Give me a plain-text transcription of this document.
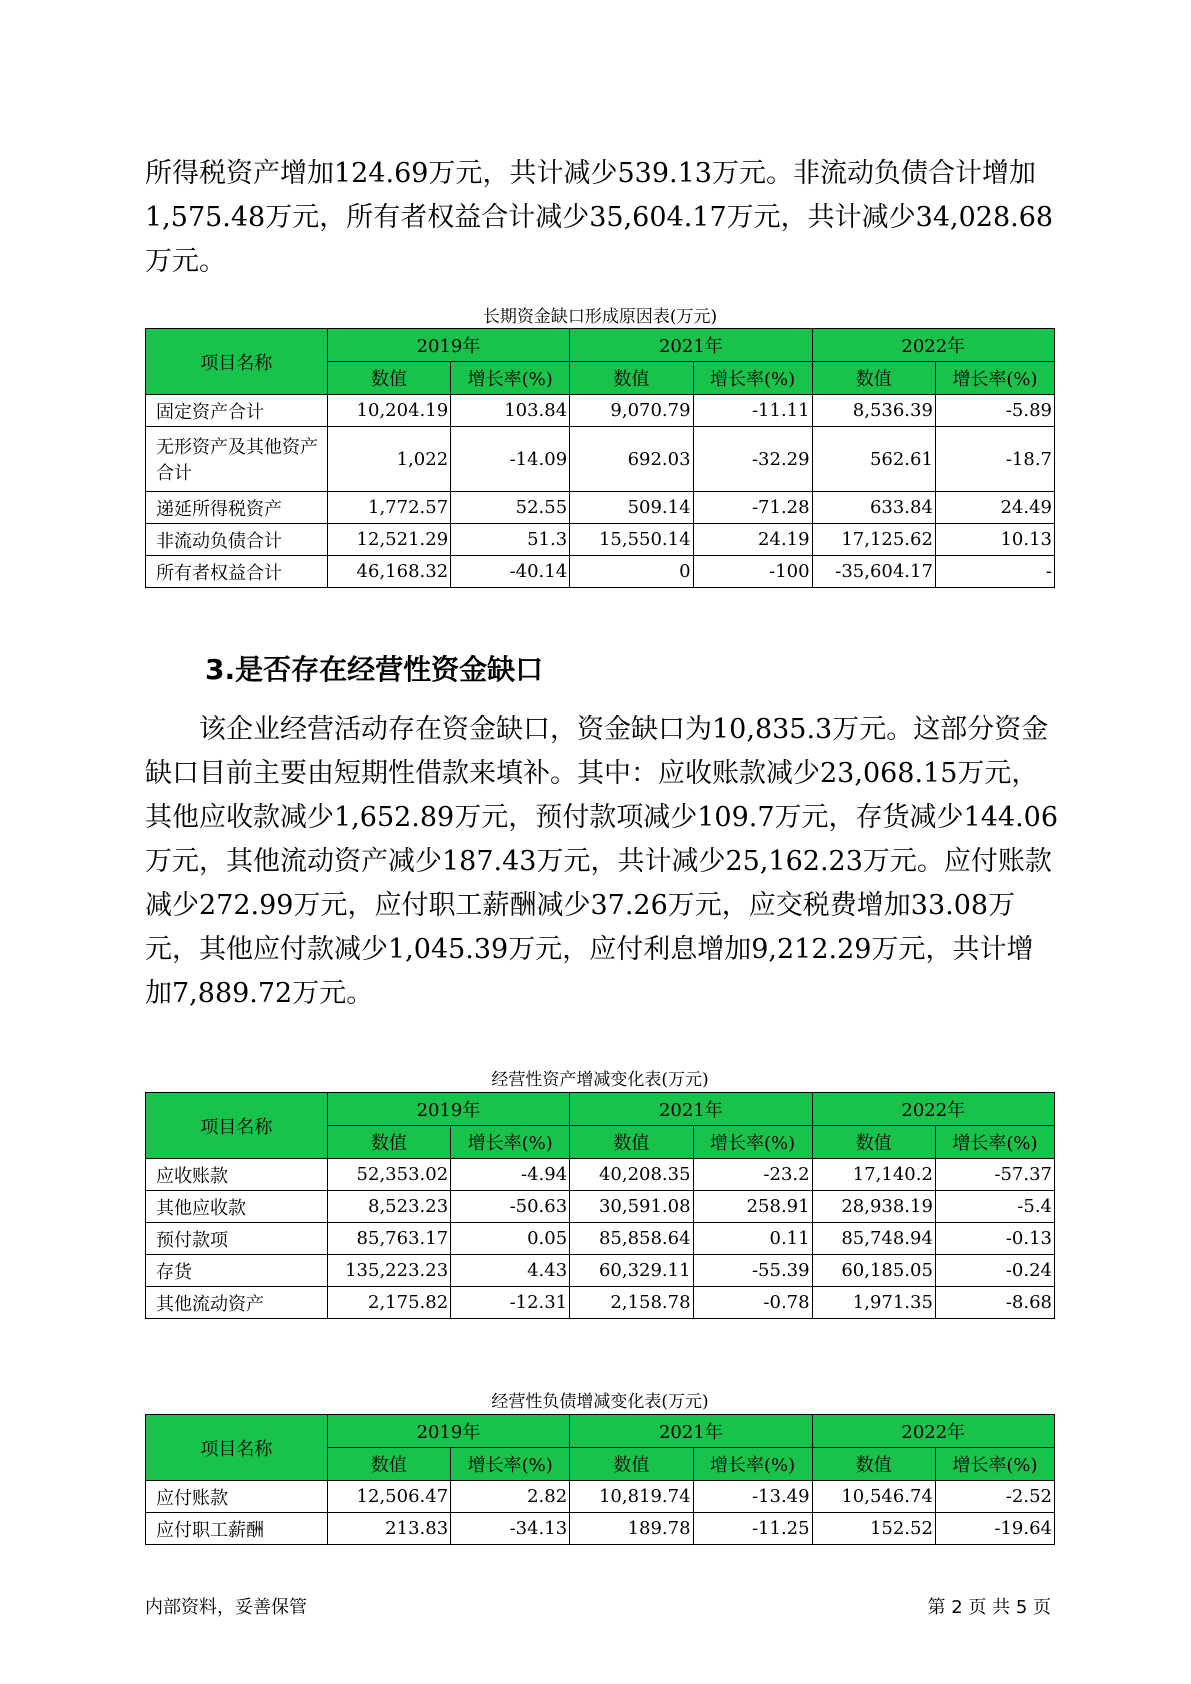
所得税资产增加124.69万元，共计减少539.13万元。非流动负债合计增加1,575.48万元，所有者权益合计减少35,604.17万元，共计减少34,028.68万元。

长期资金缺口形成原因表(万元)

项目名称	2019年		2021年		2022年	
	数值	增长率(%)	数值	增长率(%)	数值	增长率(%)
固定资产合计	10,204.19	103.84	9,070.79	-11.11	8,536.39	-5.89
无形资产及其他资产合计	1,022	-14.09	692.03	-32.29	562.61	-18.7
递延所得税资产	1,772.57	52.55	509.14	-71.28	633.84	24.49
非流动负债合计	12,521.29	51.3	15,550.14	24.19	17,125.62	10.13
所有者权益合计	46,168.32	-40.14	0	-100	-35,604.17	-
3.是否存在经营性资金缺口

该企业经营活动存在资金缺口，资金缺口为10,835.3万元。这部分资金缺口目前主要由短期性借款来填补。其中：应收账款减少23,068.15万元，其他应收款减少1,652.89万元，预付款项减少109.7万元，存货减少144.06万元，其他流动资产减少187.43万元，共计减少25,162.23万元。应付账款减少272.99万元，应付职工薪酬减少37.26万元，应交税费增加33.08万元，其他应付款减少1,045.39万元，应付利息增加9,212.29万元，共计增加7,889.72万元。

经营性资产增减变化表(万元)

项目名称	2019年		2021年		2022年	
	数值	增长率(%)	数值	增长率(%)	数值	增长率(%)
应收账款	52,353.02	-4.94	40,208.35	-23.2	17,140.2	-57.37
其他应收款	8,523.23	-50.63	30,591.08	258.91	28,938.19	-5.4
预付款项	85,763.17	0.05	85,858.64	0.11	85,748.94	-0.13
存货	135,223.23	4.43	60,329.11	-55.39	60,185.05	-0.24
其他流动资产	2,175.82	-12.31	2,158.78	-0.78	1,971.35	-8.68

经营性负债增减变化表(万元)

项目名称	2019年		2021年		2022年	
	数值	增长率(%)	数值	增长率(%)	数值	增长率(%)
应付账款	12,506.47	2.82	10,819.74	-13.49	10,546.74	-2.52
应付职工薪酬	213.83	-34.13	189.78	-11.25	152.52	-19.64

内部资料，妥善保管	第 2 页 共 5 页
